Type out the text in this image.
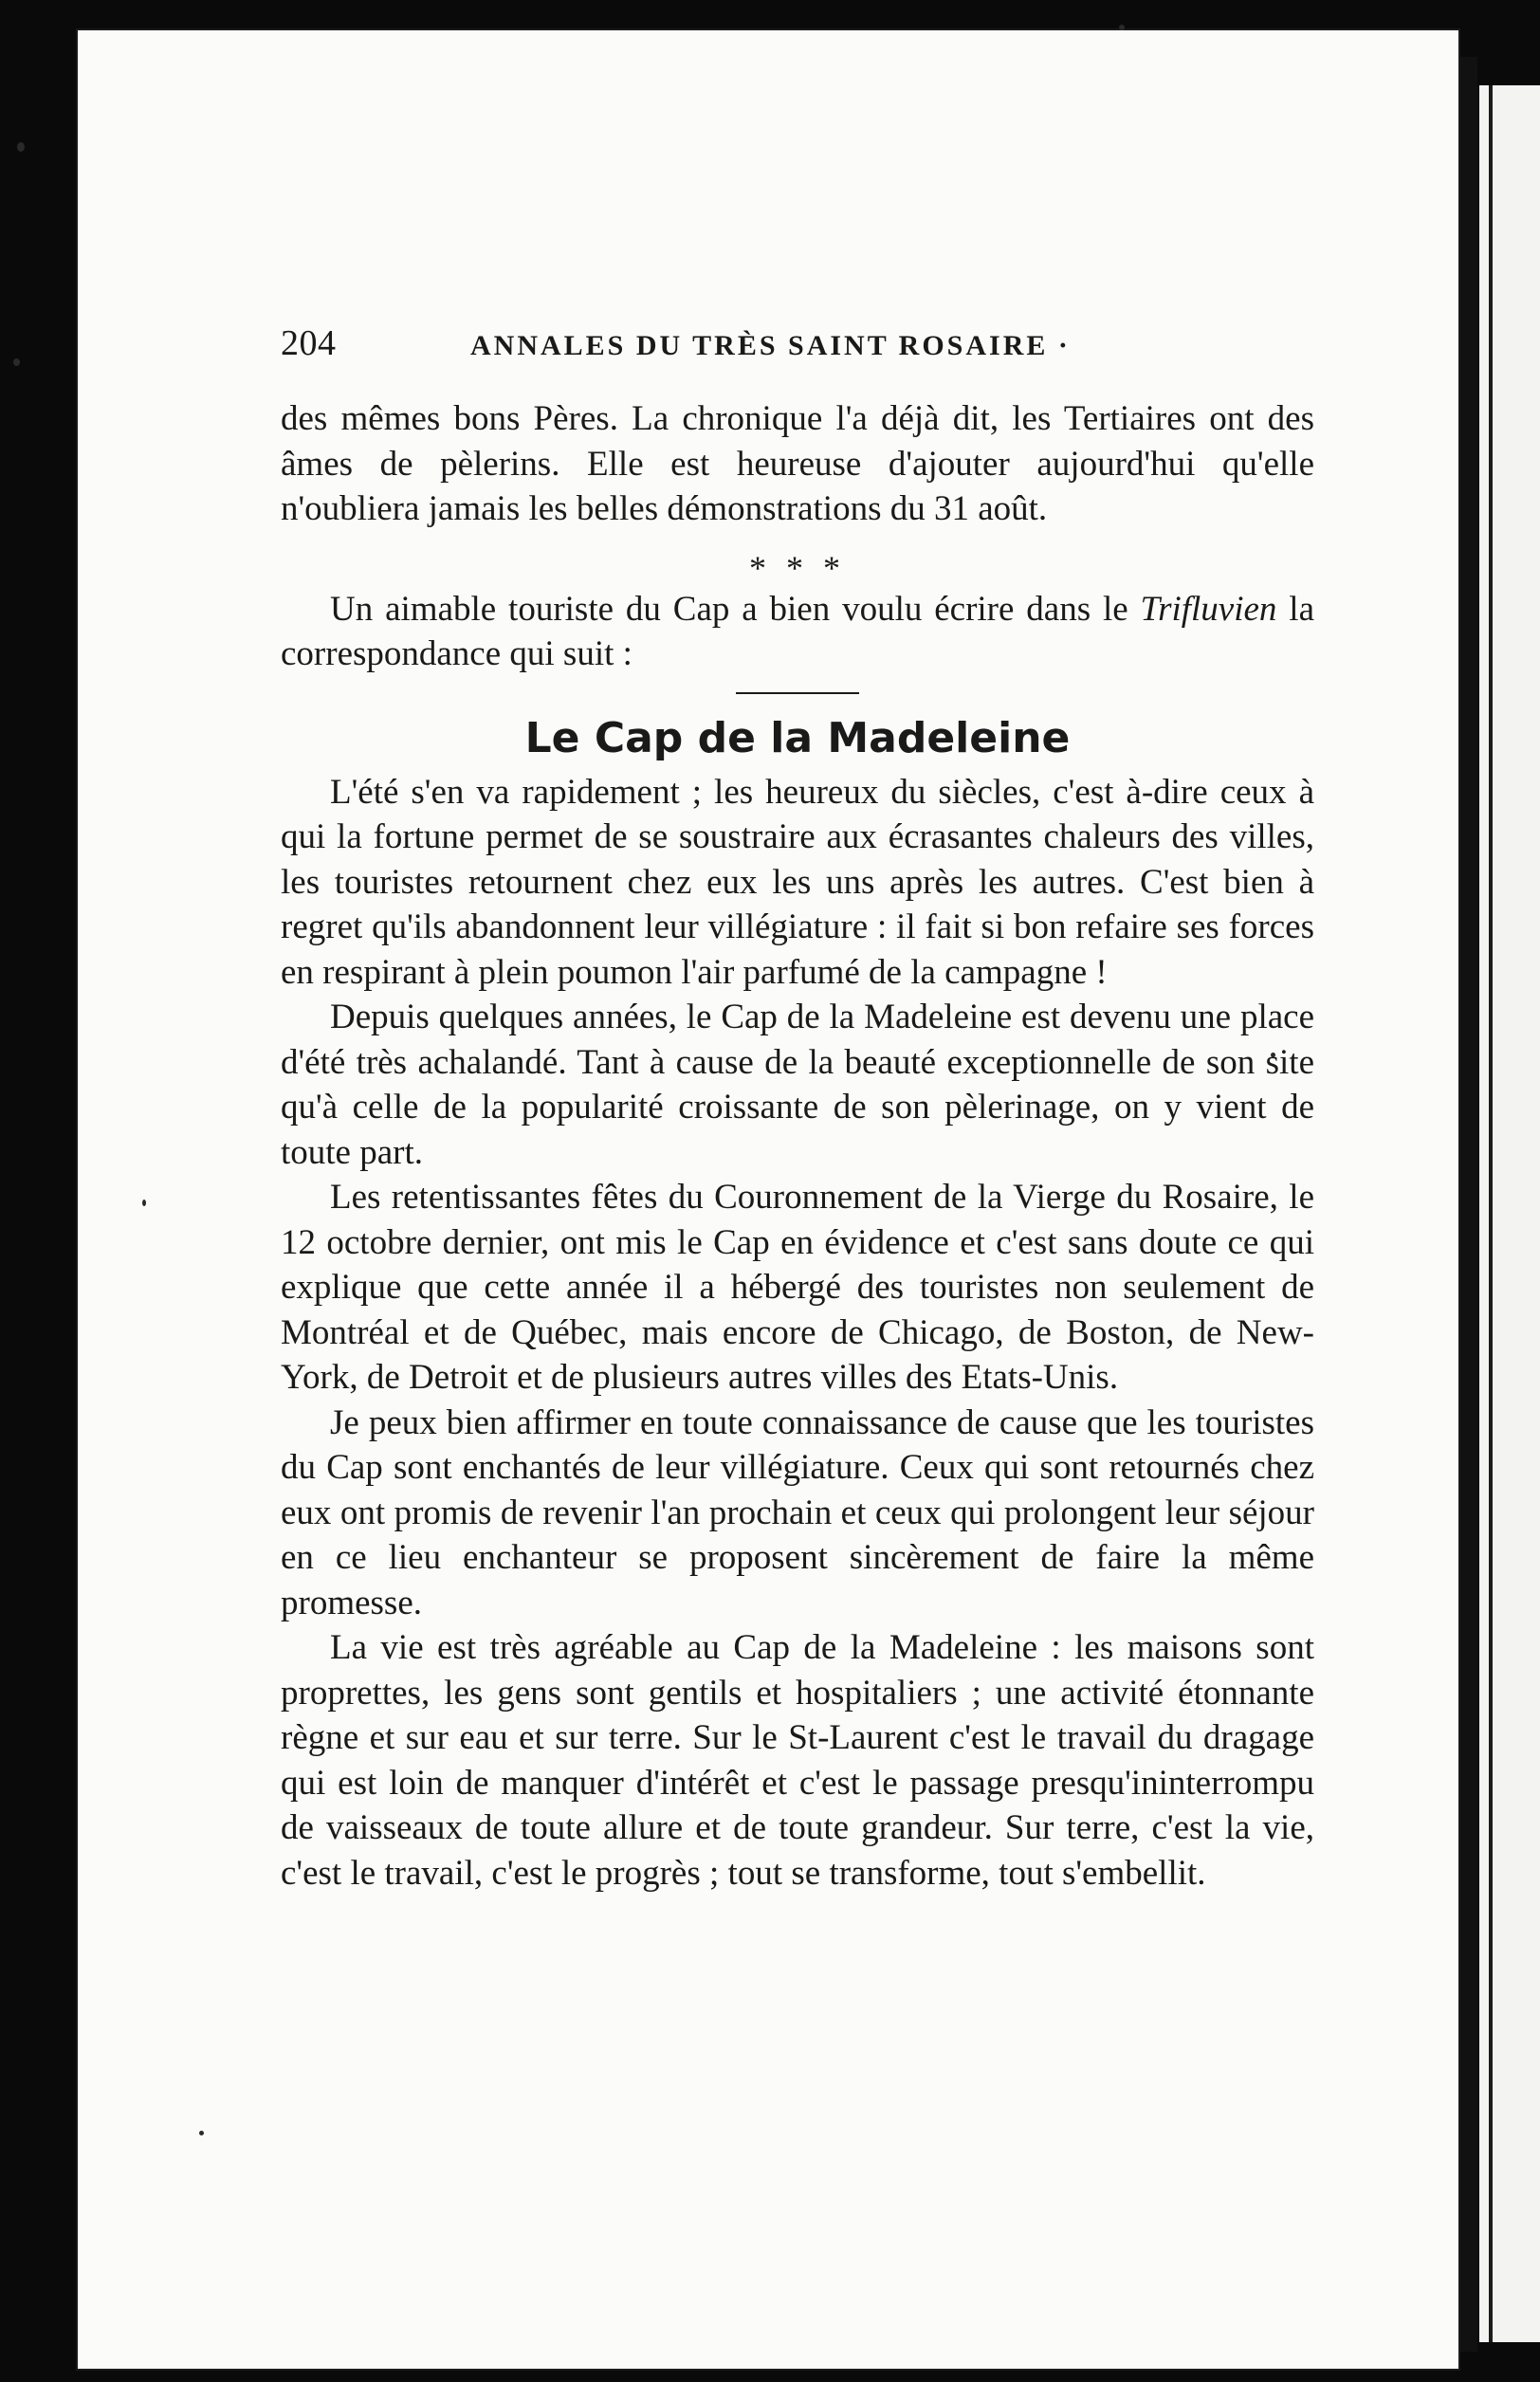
204	ANNALES DU TRÈS SAINT ROSAIRE ·

des mêmes bons Pères. La chronique l'a déjà dit, les Tertiaires ont des âmes de pèlerins. Elle est heureuse d'ajouter aujourd'hui qu'elle n'oubliera jamais les belles démonstrations du 31 août.

* * *

Un aimable touriste du Cap a bien voulu écrire dans le Trifluvien la correspondance qui suit :

Le Cap de la Madeleine

L'été s'en va rapidement ; les heureux du siècles, c'est à-dire ceux à qui la fortune permet de se soustraire aux écrasantes chaleurs des villes, les touristes retournent chez eux les uns après les autres. C'est bien à regret qu'ils abandonnent leur villégiature : il fait si bon refaire ses forces en respirant à plein poumon l'air parfumé de la campagne !

Depuis quelques années, le Cap de la Madeleine est devenu une place d'été très achalandé. Tant à cause de la beauté exceptionnelle de son site qu'à celle de la popularité croissante de son pèlerinage, on y vient de toute part.

Les retentissantes fêtes du Couronnement de la Vierge du Rosaire, le 12 octobre dernier, ont mis le Cap en évidence et c'est sans doute ce qui explique que cette année il a hébergé des touristes non seulement de Montréal et de Québec, mais encore de Chicago, de Boston, de New-York, de Detroit et de plusieurs autres villes des Etats-Unis.

Je peux bien affirmer en toute connaissance de cause que les touristes du Cap sont enchantés de leur villégiature. Ceux qui sont retournés chez eux ont promis de revenir l'an prochain et ceux qui prolongent leur séjour en ce lieu enchanteur se proposent sincèrement de faire la même promesse.

La vie est très agréable au Cap de la Madeleine : les maisons sont proprettes, les gens sont gentils et hospitaliers ; une activité étonnante règne et sur eau et sur terre. Sur le St-Laurent c'est le travail du dragage qui est loin de manquer d'intérêt et c'est le passage presqu'ininterrompu de vaisseaux de toute allure et de toute grandeur. Sur terre, c'est la vie, c'est le travail, c'est le progrès ; tout se transforme, tout s'embellit.
